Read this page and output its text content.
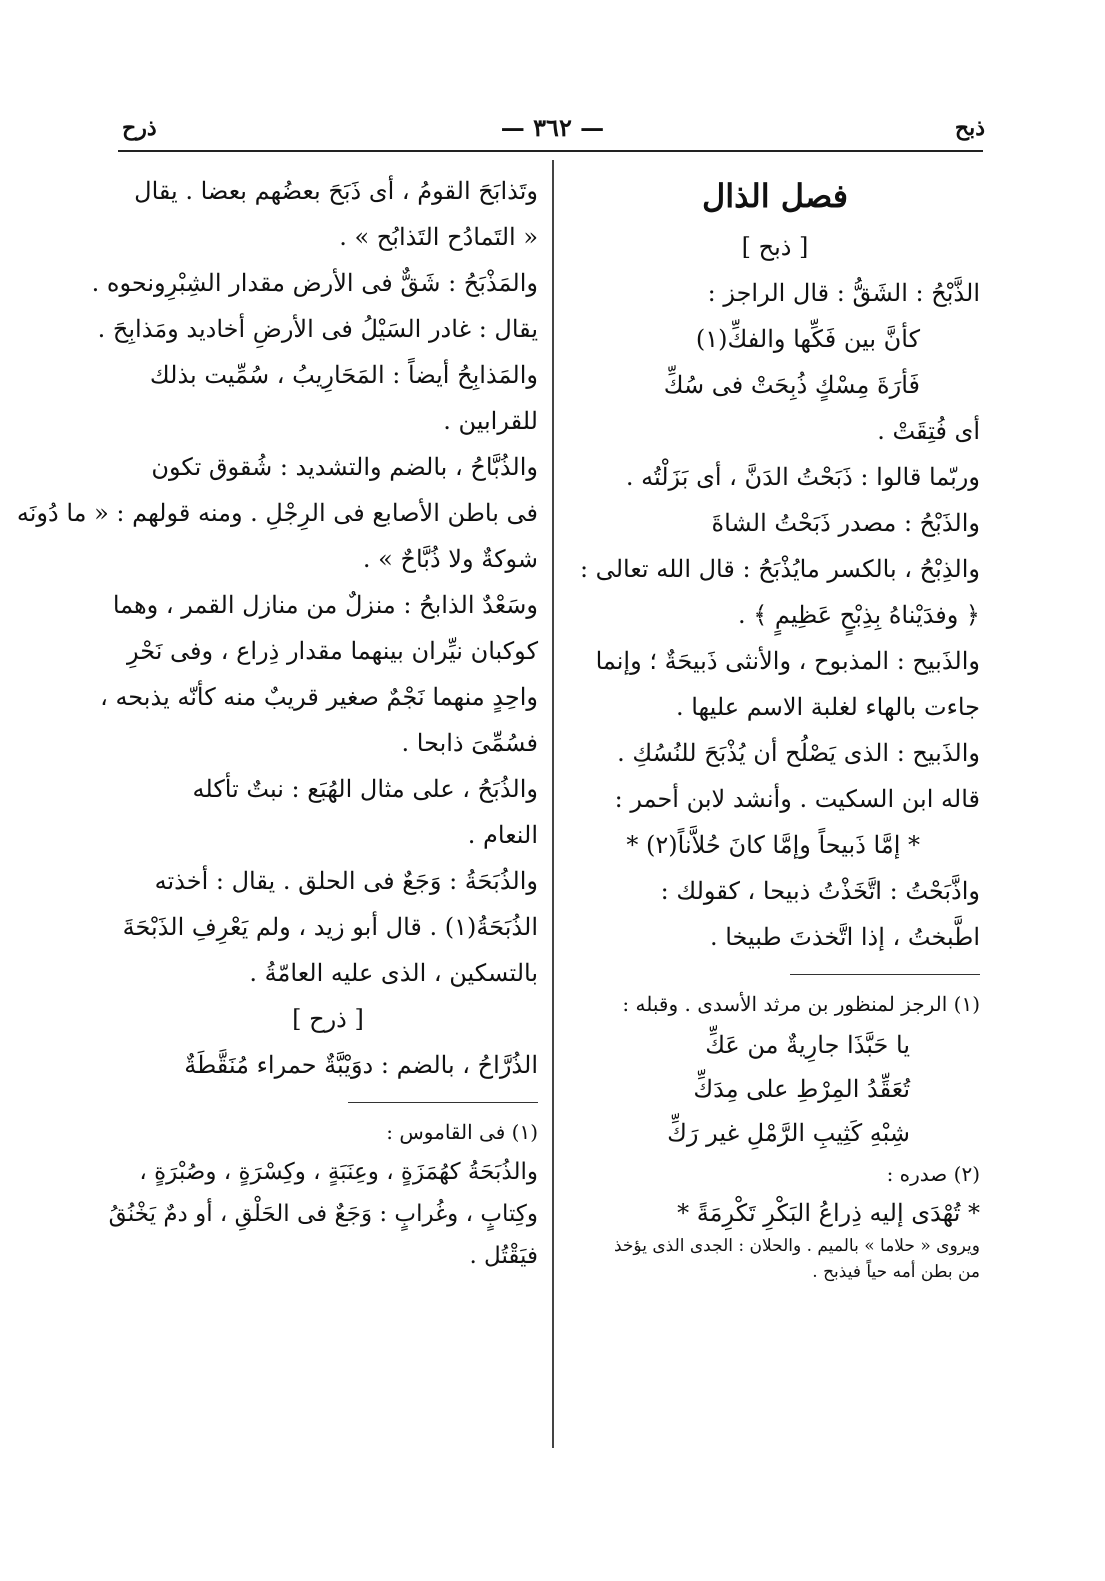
ذبح
— ٣٦٢ —
ذرح
فصل الذال
[ ذبح ]
الذَّبْحُ : الشَقُّ : قال الراجز :
كأنَّ بين فَكِّها والفكِّ(١)
فَأرَةَ مِسْكٍ ذُبِحَتْ فى سُكِّ
أى فُتِقَتْ .
وربّما قالوا : ذَبَحْتُ الدَنَّ ، أى بَزَلْتُه .
والذَبْحُ : مصدر ذَبَحْتُ الشاةَ
والذِبْحُ ، بالكسر مايُذْبَحُ : قال الله تعالى :
﴿ وفدَيْناهُ بِذِبْحٍ عَظِيمٍ ﴾ .
والذَبيح : المذبوح ، والأنثى ذَبيحَةٌ ؛ وإنما
جاءت بالهاء لغلبة الاسم عليها .
والذَبيح : الذى يَصْلُح أن يُذْبَحَ للنُسُكِ .
قاله ابن السكيت . وأنشد لابن أحمر :
* إمَّا ذَبيحاً وإمَّا كانَ حُلاَّناً(٢) *
واذَّبَحْتُ : اتَّخَذْتُ ذبيحا ، كقولك :
اطَّبختُ ، إذا اتَّخذتَ طبيخا .
(١) الرجز لمنظور بن مرثد الأسدى . وقبله :
يا حَبَّذَا جارِيةٌ من عَكِّ
تُعَقِّدُ المِرْطِ على مِدَكِّ
شِبْهِ كَثِيبِ الرَّمْلِ غير رَكِّ
(٢) صدره :
* تُهْدَى إليه ذِراعُ البَكْرِ تَكْرِمَةً *
ويروى « حلاما » بالميم . والحلان : الجدى الذى يؤخذ
من بطن أمه حياً فيذبح .
وتَذابَحَ القومُ ، أى ذَبَحَ بعضُهم بعضا . يقال
« التَمادُح التَذابُح » .
والمَذْبَحُ : شَقٌّ فى الأرض مقدار الشِبْرِونحوه .
يقال : غادر السَيْلُ فى الأرضِ أخاديد ومَذابِحَ .
والمَذابِحُ أيضاً : المَحَارِيبُ ، سُمِّيت بذلك
للقرابين .
والذُبَّاحُ ، بالضم والتشديد : شُقوق تكون
فى باطن الأصابع فى الرِجْلِ . ومنه قولهم : « ما دُونَه
شوكةٌ ولا ذُبَّاحٌ » .
وسَعْدٌ الذابحُ : منزلٌ من منازل القمر ، وهما
كوكبان نيِّران بينهما مقدار ذِراع ، وفى نَحْرِ
واحِدٍ منهما نَجْمٌ صغير قريبٌ منه كأنّه يذبحه ،
فسُمِّىَ ذابحا .
والذُبَحُ ، على مثال الهُبَع : نبتٌ تأكله
النعام .
والذُبَحَةُ : وَجَعٌ فى الحلق . يقال : أخذته
الذُبَحَةُ(١) . قال أبو زيد ، ولم يَعْرِفِ الذَبْحَةَ
بالتسكين ، الذى عليه العامّةُ .
[ ذرح ]
الذُرَّاحُ ، بالضم : دوَيْبَّةٌ حمراء مُنَقَّطَةٌ
(١) فى القاموس :
والذُبَحَةُ كهُمَزَةٍ ، وعِنَبَةٍ ، وكِسْرَةٍ ، وصُبْرَةٍ ،
وكِتابٍ ، وغُرابٍ : وَجَعٌ فى الحَلْقِ ، أو دمٌ يَخْنُقُ
فيَقْتُل .
